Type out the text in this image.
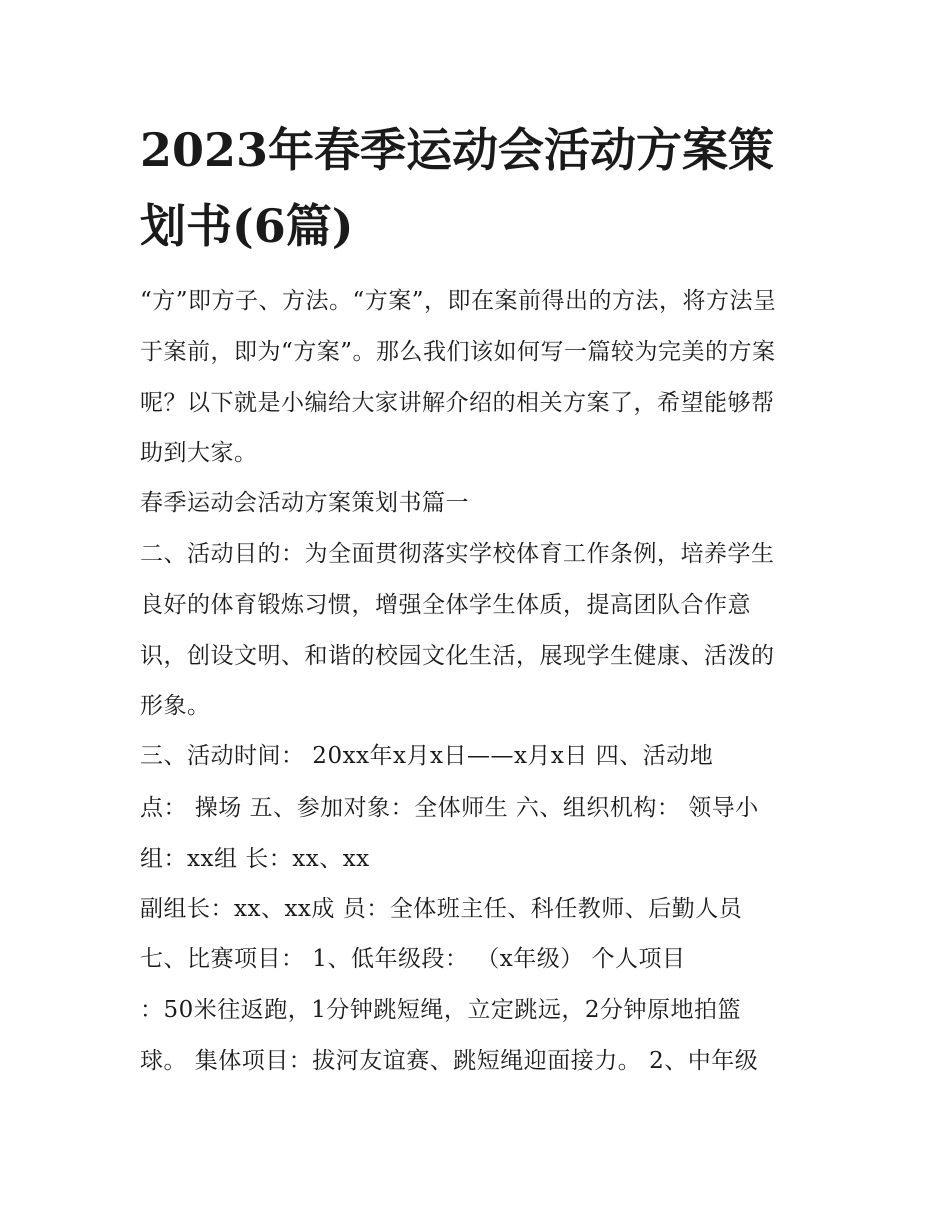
2023年春季运动会活动方案策
划书(6篇)
“方”即方子、方法。“方案”，即在案前得出的方法，将方法呈
于案前，即为“方案”。那么我们该如何写一篇较为完美的方案
呢？以下就是小编给大家讲解介绍的相关方案了，希望能够帮
助到大家。
春季运动会活动方案策划书篇一
二、活动目的：为全面贯彻落实学校体育工作条例，培养学生
良好的体育锻炼习惯，增强全体学生体质，提高团队合作意
识，创设文明、和谐的校园文化生活，展现学生健康、活泼的
形象。
三、活动时间： 20xx年x月x日——x月x日 四、活动地
点： 操场 五、参加对象：全体师生 六、组织机构： 领导小
组：xx组 长：xx、xx
副组长：xx、xx成 员：全体班主任、科任教师、后勤人员
七、比赛项目： 1、低年级段： （x年级） 个人项目
：50米往返跑，1分钟跳短绳，立定跳远，2分钟原地拍篮
球。 集体项目：拔河友谊赛、跳短绳迎面接力。 2、中年级
